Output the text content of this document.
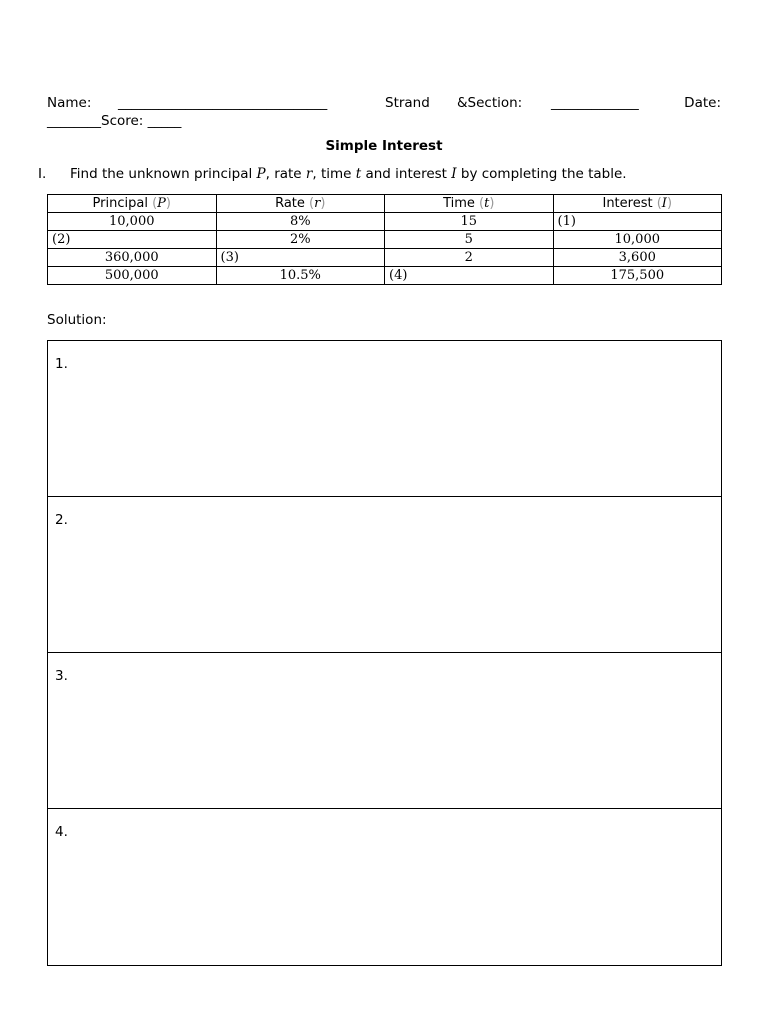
Name:	_______________________________	Strand	&Section:	_____________	Date:
________Score: _____
Simple Interest
I.	Find the unknown principal P, rate r, time t and interest I by completing the table.
Principal (P)	Rate (r)	Time (t)	Interest (I)
10,000	8%	15	(1)
(2)	2%	5	10,000
360,000	(3)	2	3,600
500,000	10.5%	(4)	175,500
Solution:
1.
2.
3.
4.
